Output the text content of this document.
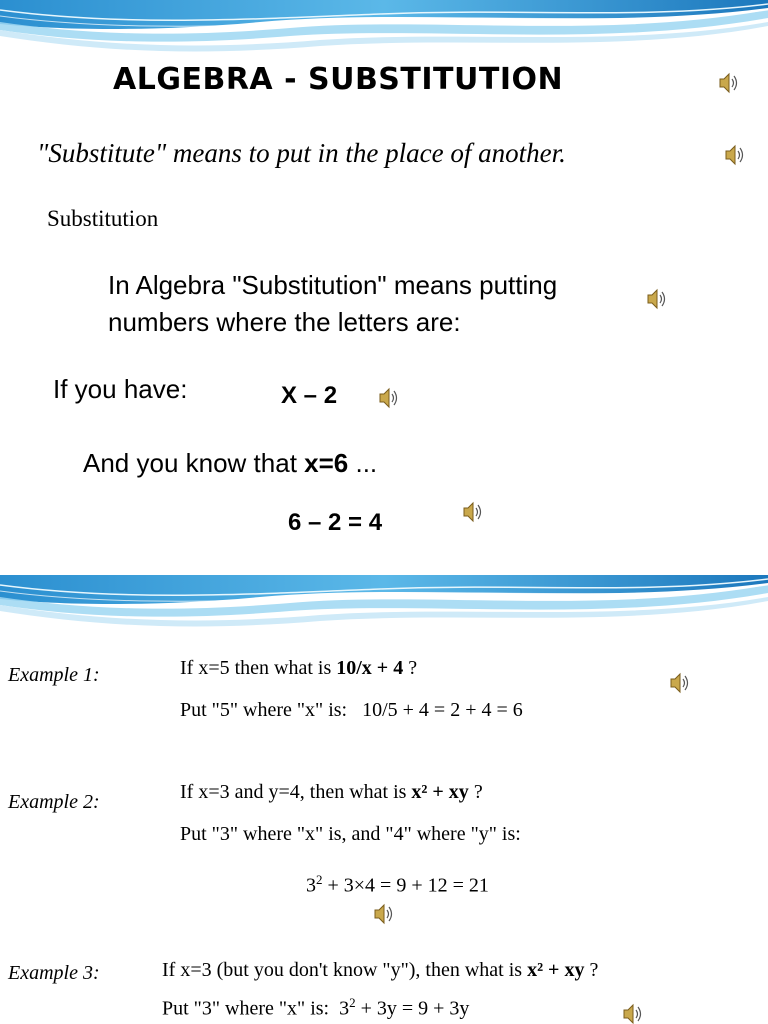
ALGEBRA - SUBSTITUTION
"Substitute" means to put in the place of another.
Substitution
In Algebra "Substitution" means putting
numbers where the letters are:
If you have:	X – 2
And you know that x=6 ...
6 – 2 = 4
Example 1:	If x=5 then what is 10/x + 4 ?
Put "5" where "x" is:   10/5 + 4 = 2 + 4 = 6
Example 2:	If x=3 and y=4, then what is x² + xy ?
Put "3" where "x" is, and "4" where "y" is:
$3^2 + 3\times 4 = 9 + 12 = 21$
Example 3:	If x=3 (but you don't know "y"), then what is x² + xy ?
Put "3" where "x" is:  $3^2 + 3y = 9 + 3y$
